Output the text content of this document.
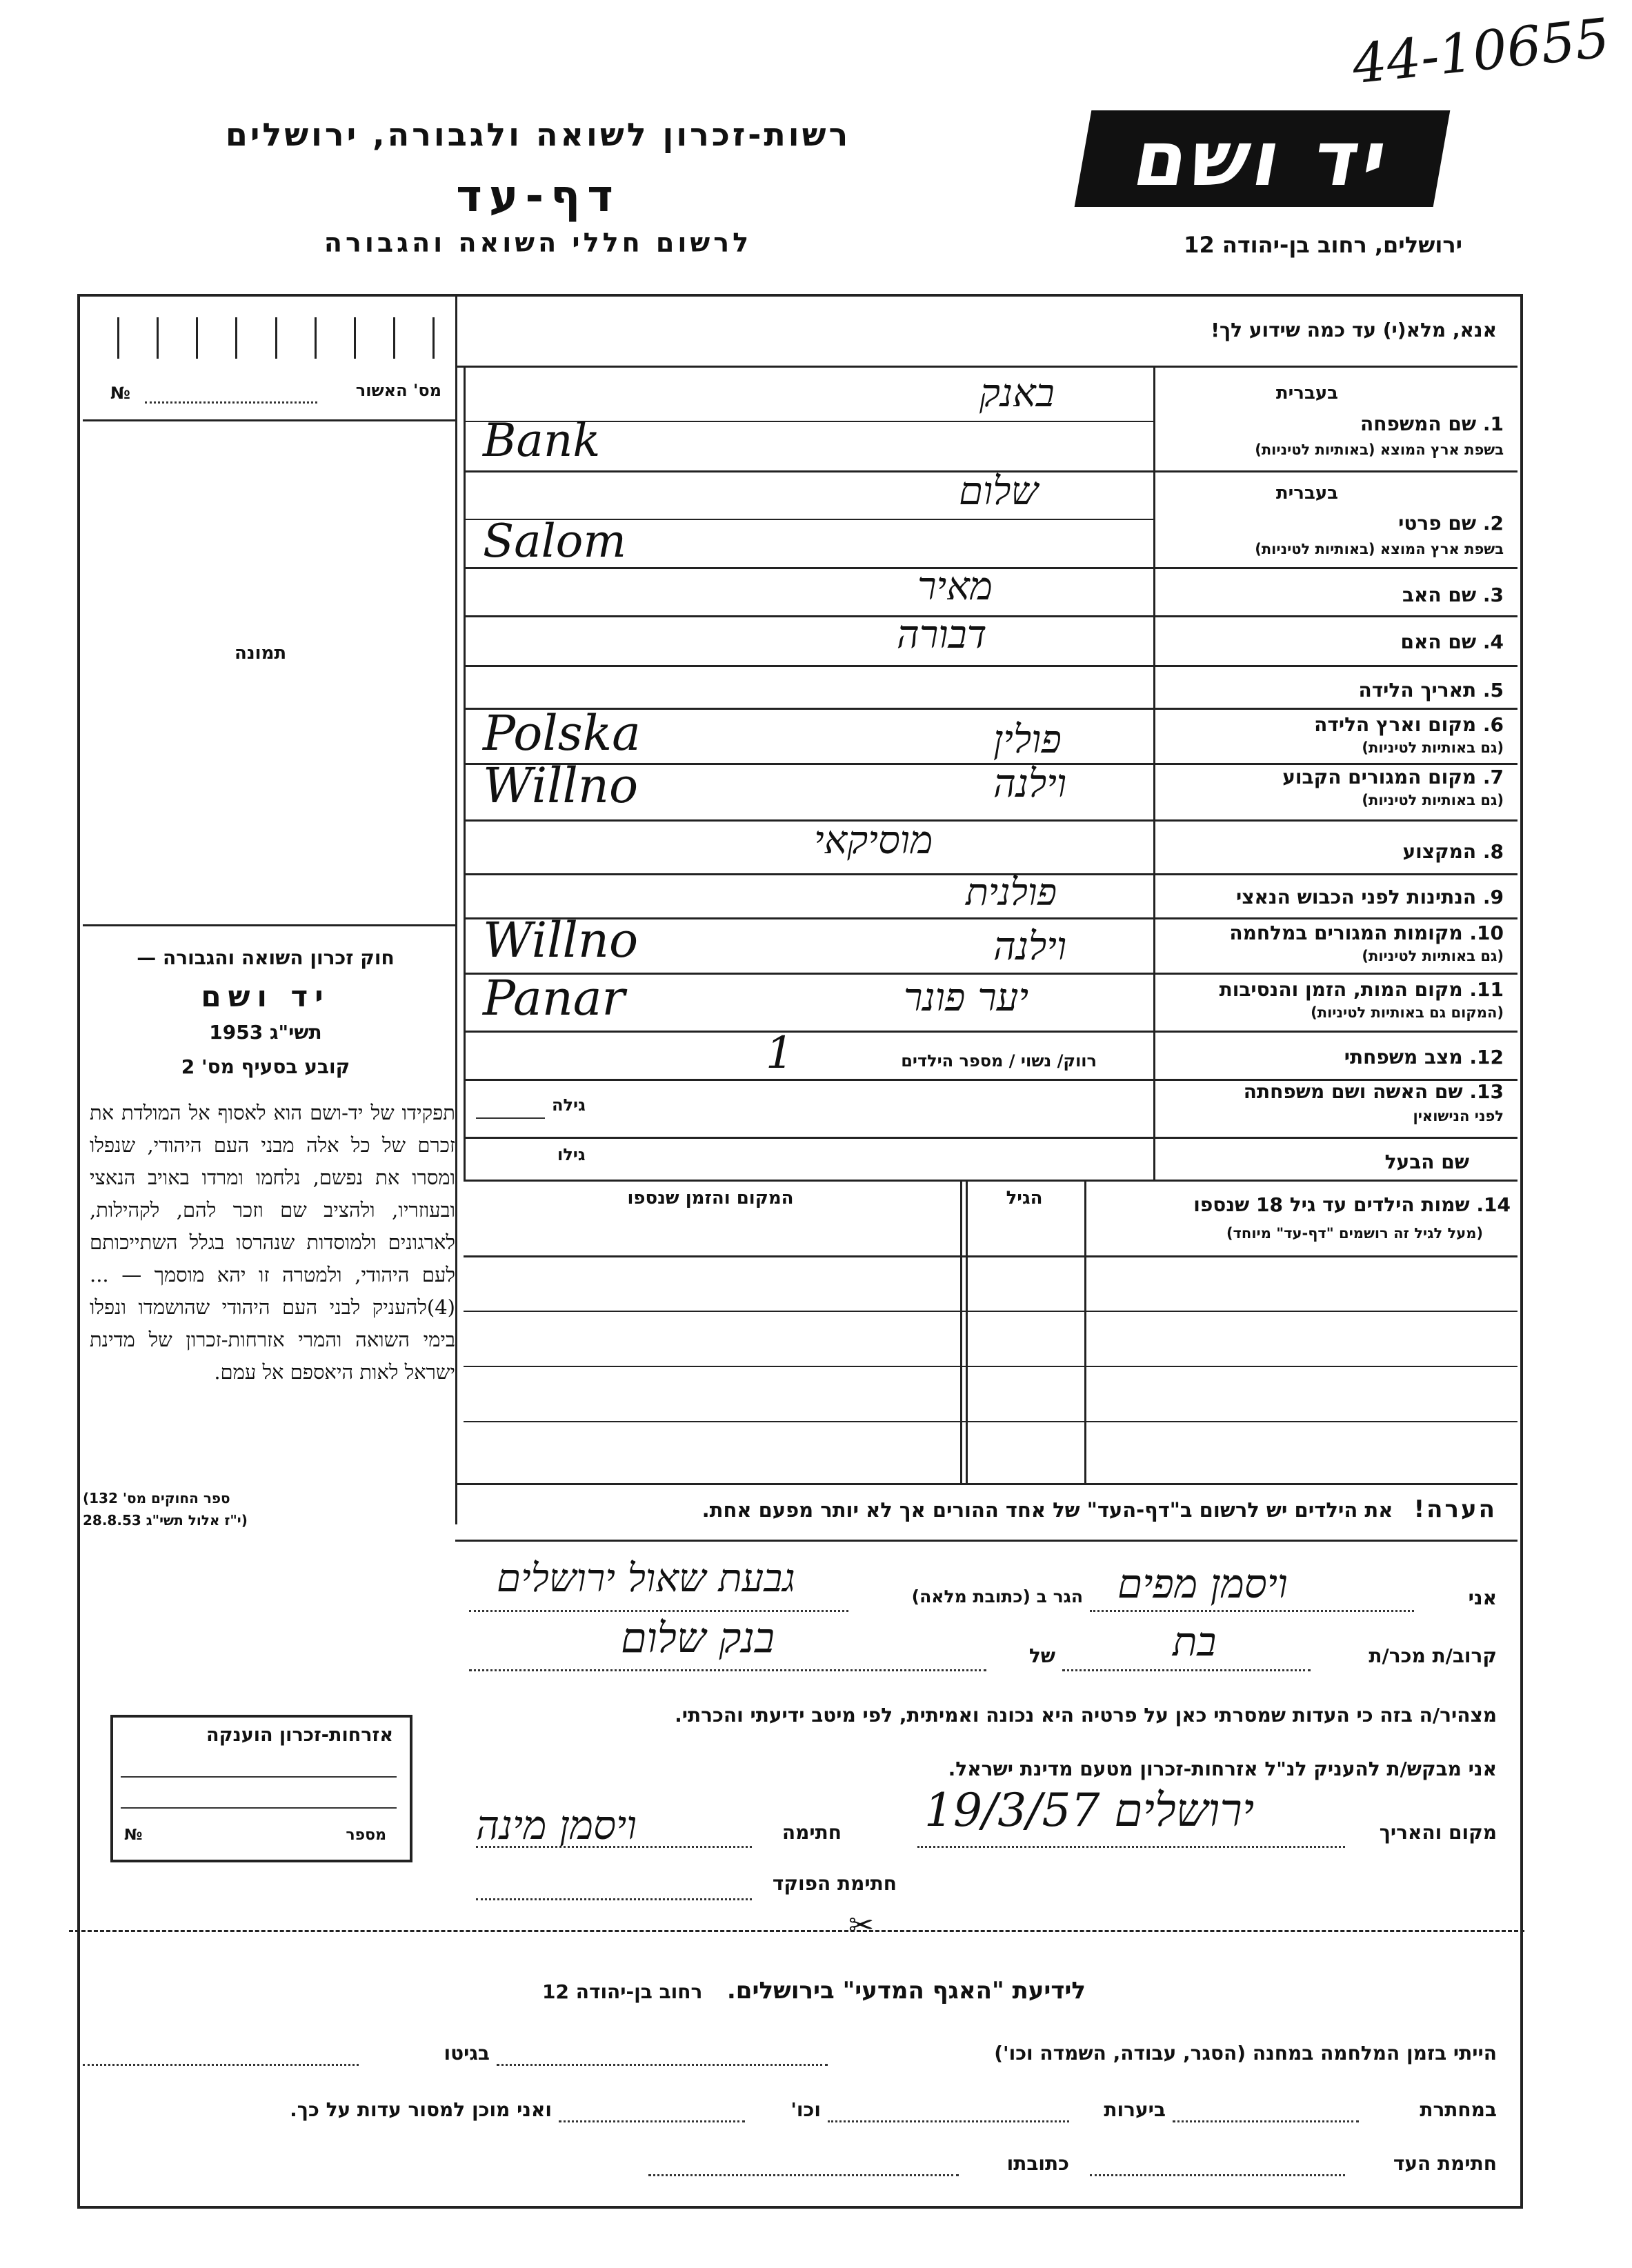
44-10655
רשות-זכרון לשואה ולגבורה, ירושלים
דף-עד
לרשום חללי השואה והגבורה
יד ושם
ירושלים, רחוב בן-יהודה 12
№	מס' האשור
תמונה
חוק זכרון השואה והגבורה —
יד ושם
תשי"ג 1953
קובע בסעיף מס' 2
תפקידו של יד-ושם הוא לאסוף אל המולדת את זכרם של כל אלה מבני העם היהודי, שנפלו ומסרו את נפשם, נלחמו ומרדו באויב הנאצי ובעוזריו, ולהציב שם וזכר להם, לקהילות, לארגונים ולמוסדות שנהרסו בגלל השתייכותם לעם היהודי, ולמטרה זו יהא מוסמך — ...(4)להעניק לבני העם היהודי שהושמדו ונפלו בימי השואה והמרי אזרחות-זכרון של מדינת ישראל לאות היאספם אל עמם.
(ספר החוקים מס' 132
י"ז אלול תשי"ג 28.8.53)
אזרחות-זכרון הוענקה
№	מספר
אנא, מלא(י) עד כמה שידוע לך!
בעברית
1. שם המשפחה
בשפת ארץ המוצא (באותיות לטיניות)
באנק
Bank
בעברית
2. שם פרטי
בשפת ארץ המוצא (באותיות לטיניות)
שלום
Salom
3. שם האב
מאיר
4. שם האם
דבורה
5. תאריך הלידה
6. מקום וארץ הלידה
(גם באותיות לטיניות)
פולין
Polska
7. מקום המגורים הקבוע
(גם באותיות לטיניות)
וילנה
Willno
8. המקצוע
מוסיקאי
9. הנתינות לפני הכבוש הנאצי
פולנית
10. מקומות המגורים במלחמה
(גם באותיות לטיניות)
וילנה
Willno
11. מקום המות, הזמן והנסיבות
(המקום גם באותיות לטיניות)
יער פונר
Panar
12. מצב משפחתי
רווק/ נשוי / מספר הילדים
1
13. שם האשה ושם משפחתה
לפני הנישואין
גילה
שם הבעל
גילו
14. שמות הילדים עד גיל 18 שנספו
(מעל לגיל זה רושמים "דף-עד" מיוחד)
הגיל
המקום והזמן שנספו
הערה!   את הילדים יש לרשום ב"דף-העד" של אחד ההורים אך לא יותר מפעם אחת.
אני
ויסמן מפים
הגר ב (כתובת מלאה)
גבעת שאול ירושלים
קרוב/ת מכר/ת
בת
של
בנק שלום
מצהיר/ה בזה כי העדות שמסרתי כאן על פרטיה היא נכונה ואמיתית, לפי מיטב ידיעתי והכרתי.
אני מבקש/ת להעניק לנ"ל אזרחות-זכרון מטעם מדינת ישראל.
מקום והאריך
ירושלים 19/3/57
חתימה
ויסמן מינה
חתימת הפוקד
✂
לידיעת "האגף המדעי" בירושלים.   רחוב בן-יהודה 12
הייתי בזמן המלחמה במחנה (הסגר, עבודה, השמדה וכו')
בגיטו
במחתרת
ביערות
וכו'
ואני מוכן למסור עדות על כך.
חתימת העד
כתובתו
